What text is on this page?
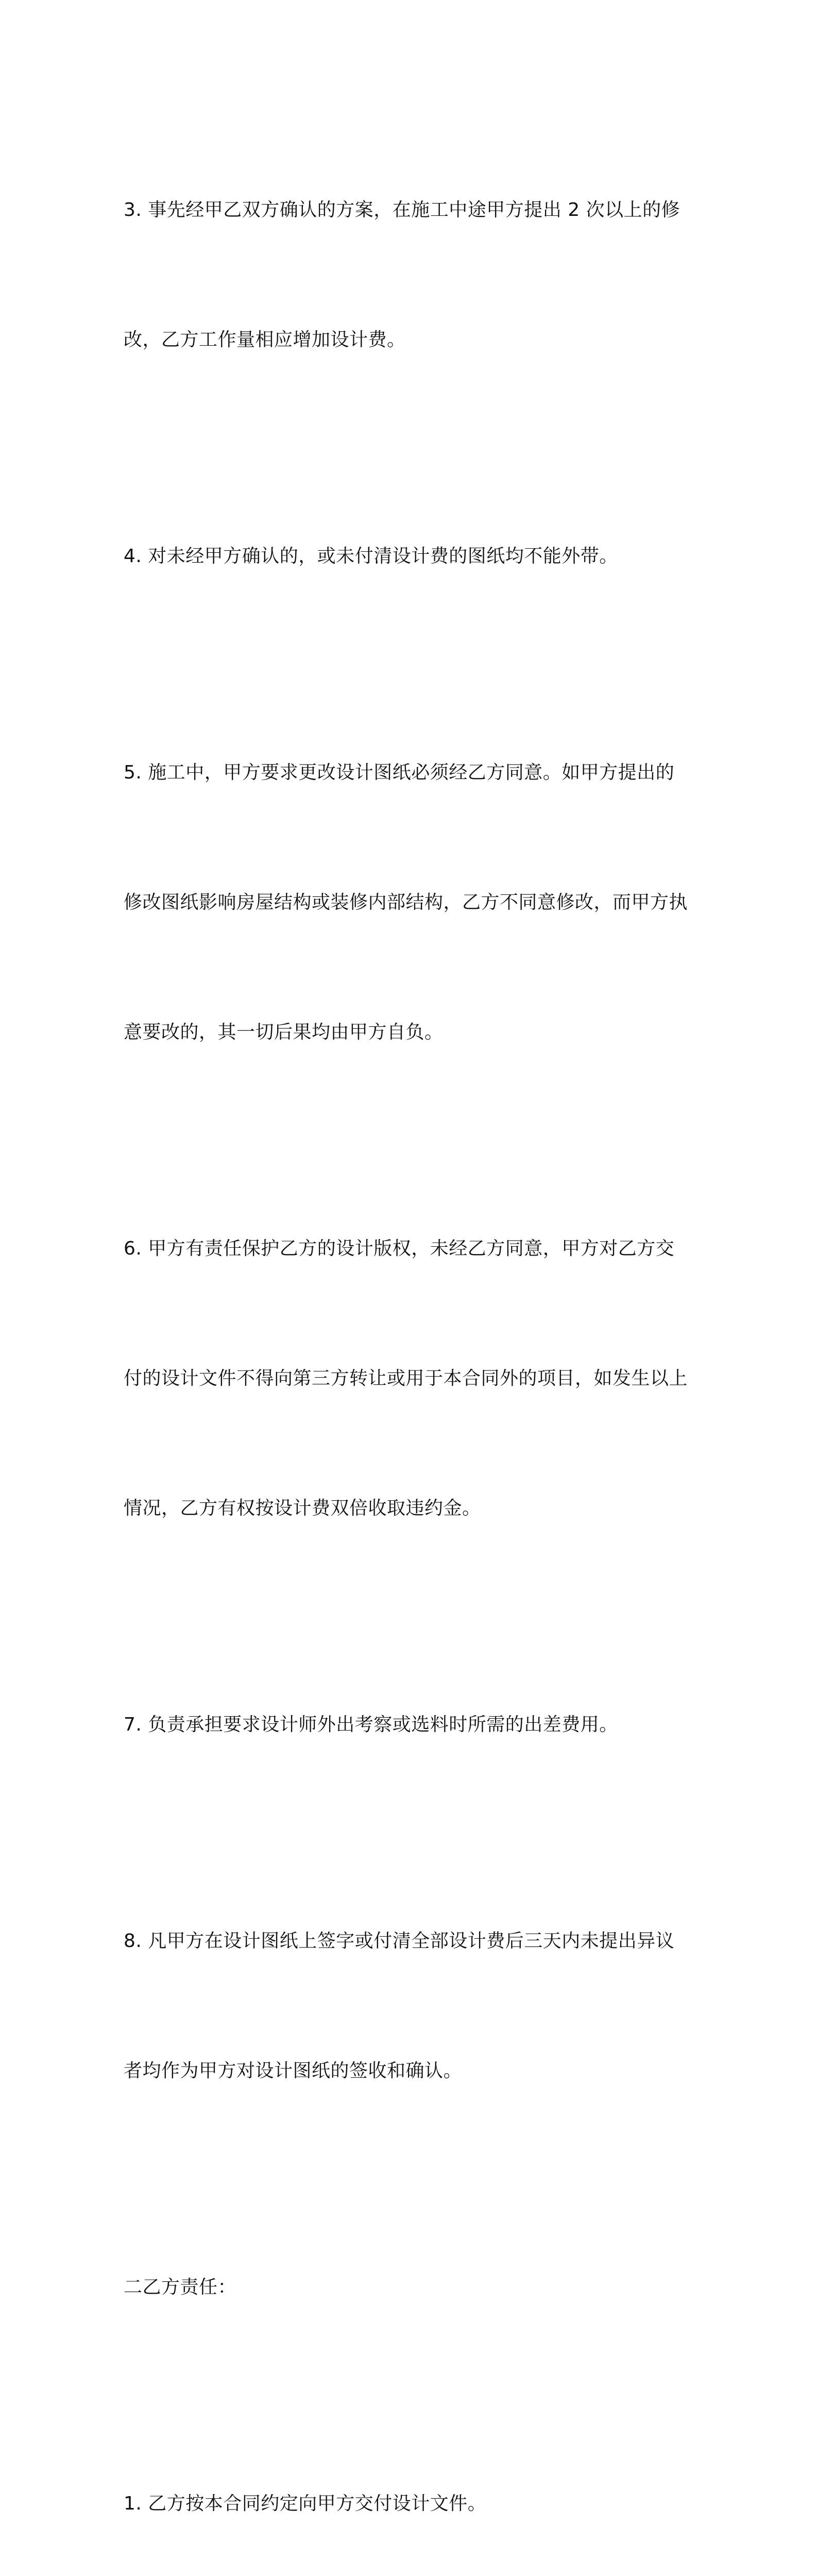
3. 事先经甲乙双方确认的方案，在施工中途甲方提出 2 次以上的修

改，乙方工作量相应增加设计费。

4. 对未经甲方确认的，或未付清设计费的图纸均不能外带。

5. 施工中，甲方要求更改设计图纸必须经乙方同意。如甲方提出的

修改图纸影响房屋结构或装修内部结构，乙方不同意修改，而甲方执

意要改的，其一切后果均由甲方自负。

6. 甲方有责任保护乙方的设计版权，未经乙方同意，甲方对乙方交

付的设计文件不得向第三方转让或用于本合同外的项目，如发生以上

情况，乙方有权按设计费双倍收取违约金。

7. 负责承担要求设计师外出考察或选料时所需的出差费用。

8. 凡甲方在设计图纸上签字或付清全部设计费后三天内未提出异议

者均作为甲方对设计图纸的签收和确认。

二乙方责任：

1. 乙方按本合同约定向甲方交付设计文件。
